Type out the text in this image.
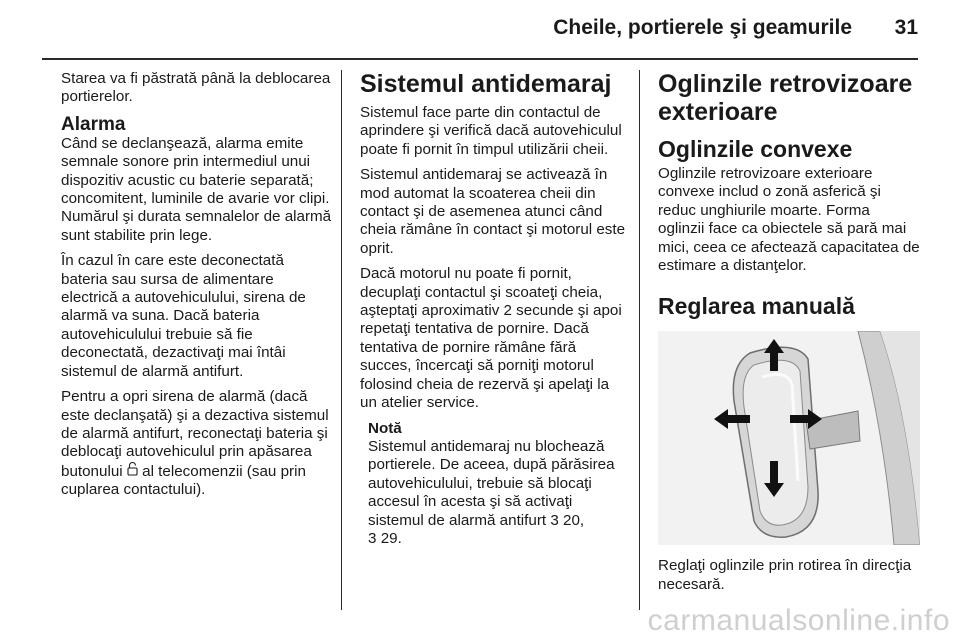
Cheile, portierele şi geamurile 31

Starea va fi păstrată până la deblocarea portierelor.

Alarma

Când se declanşează, alarma emite semnale sonore prin intermediul unui dispozitiv acustic cu baterie separată; concomitent, luminile de avarie vor clipi. Numărul şi durata semnalelor de alarmă sunt stabilite prin lege.

În cazul în care este deconectată bateria sau sursa de alimentare electrică a autovehiculului, sirena de alarmă va suna. Dacă bateria autovehiculului trebuie să fie deconectată, dezactivaţi mai întâi sistemul de alarmă antifurt.

Pentru a opri sirena de alarmă (dacă este declanşată) şi a dezactiva sistemul de alarmă antifurt, reconectaţi bateria şi deblocaţi autovehiculul prin apăsarea butonului al telecomenzii (sau prin cuplarea contactului).

Sistemul antidemaraj

Sistemul face parte din contactul de aprindere şi verifică dacă autovehiculul poate fi pornit în timpul utilizării cheii.

Sistemul antidemaraj se activează în mod automat la scoaterea cheii din contact şi de asemenea atunci când cheia rămâne în contact şi motorul este oprit.

Dacă motorul nu poate fi pornit, decuplaţi contactul şi scoateţi cheia, aşteptaţi aproximativ 2 secunde şi apoi repetaţi tentativa de pornire. Dacă tentativa de pornire rămâne fără succes, încercaţi să porniţi motorul folosind cheia de rezervă şi apelaţi la un atelier service.

Notă

Sistemul antidemaraj nu blochează portierele. De aceea, după părăsirea autovehiculului, trebuie să blocaţi accesul în acesta şi să activaţi sistemul de alarmă antifurt 3 20,
3 29.

Oglinzile retrovizoare exterioare
Oglinzile convexe

Oglinzile retrovizoare exterioare convexe includ o zonă asferică şi reduc unghiurile moarte. Forma oglinzii face ca obiectele să pară mai mici, ceea ce afectează capacitatea de estimare a distanţelor.

Reglarea manuală

Reglaţi oglinzile prin rotirea în direcţia necesară.

carmanualsonline.info
